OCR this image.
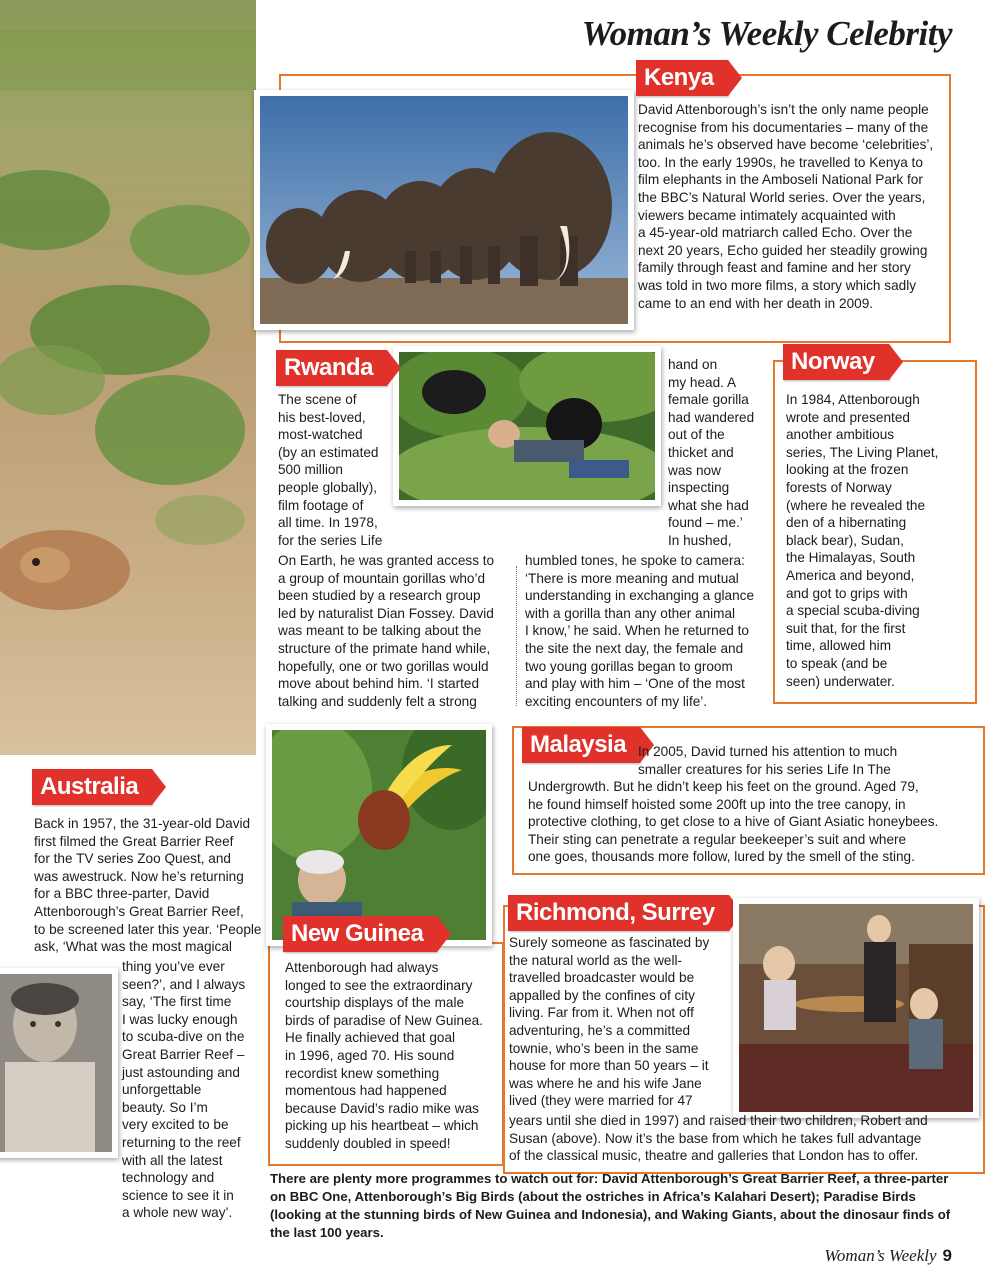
Woman’s Weekly Celebrity
Kenya
David Attenborough’s isn’t the only name people
recognise from his documentaries – many of the
animals he’s observed have become ‘celebrities’,
too. In the early 1990s, he travelled to Kenya to
film elephants in the Amboseli National Park for
the BBC’s Natural World series. Over the years,
viewers became intimately acquainted with
a 45-year-old matriarch called Echo. Over the
next 20 years, Echo guided her steadily growing
family through feast and famine and her story
was told in two more films, a story which sadly
came to an end with her death in 2009.
Rwanda
The scene of
his best-loved,
most-watched
(by an estimated
500 million
people globally),
film footage of
all time. In 1978,
for the series Life
On Earth, he was granted access to
a group of mountain gorillas who’d
been studied by a research group
led by naturalist Dian Fossey. David
was meant to be talking about the
structure of the primate hand while,
hopefully, one or two gorillas would
move about behind him. ‘I started
talking and suddenly felt a strong
hand on
my head. A
female gorilla
had wandered
out of the
thicket and
was now
inspecting
what she had
found – me.’
In hushed,
humbled tones, he spoke to camera:
‘There is more meaning and mutual
understanding in exchanging a glance
with a gorilla than any other animal
I know,’ he said. When he returned to
the site the next day, the female and
two young gorillas began to groom
and play with him – ‘One of the most
exciting encounters of my life’.
Norway
In 1984, Attenborough
wrote and presented
another ambitious
series, The Living Planet,
looking at the frozen
forests of Norway
(where he revealed the
den of a hibernating
black bear), Sudan,
the Himalayas, South
America and beyond,
and got to grips with
a special scuba-diving
suit that, for the first
time, allowed him
to speak (and be
seen) underwater.
Australia
Back in 1957, the 31-year-old David
first filmed the Great Barrier Reef
for the TV series Zoo Quest, and
was awestruck. Now he’s returning
for a BBC three-parter, David
Attenborough’s Great Barrier Reef,
to be screened later this year. ‘People
ask, ‘What was the most magical
thing you’ve ever
seen?’, and I always
say, ‘The first time
I was lucky enough
to scuba-dive on the
Great Barrier Reef –
just astounding and
unforgettable
beauty. So I’m
very excited to be
returning to the reef
with all the latest
technology and
science to see it in
a whole new way’.
Malaysia In 2005, David turned his attention to much
smaller creatures for his series Life In The
Undergrowth. But he didn’t keep his feet on the ground. Aged 79,
he found himself hoisted some 200ft up into the tree canopy, in
protective clothing, to get close to a hive of Giant Asiatic honeybees.
Their sting can penetrate a regular beekeeper’s suit and where
one goes, thousands more follow, lured by the smell of the sting.
New Guinea
Attenborough had always
longed to see the extraordinary
courtship displays of the male
birds of paradise of New Guinea.
He finally achieved that goal
in 1996, aged 70. His sound
recordist knew something
momentous had happened
because David’s radio mike was
picking up his heartbeat – which
suddenly doubled in speed!
Richmond, Surrey
Surely someone as fascinated by
the natural world as the well-
travelled broadcaster would be
appalled by the confines of city
living. Far from it. When not off
adventuring, he’s a committed
townie, who’s been in the same
house for more than 50 years – it
was where he and his wife Jane
lived (they were married for 47
years until she died in 1997) and raised their two children, Robert and
Susan (above). Now it’s the base from which he takes full advantage
of the classical music, theatre and galleries that London has to offer.
There are plenty more programmes to watch out for: David Attenborough’s Great Barrier Reef, a three-parter on BBC One, Attenborough’s Big Birds (about the ostriches in Africa’s Kalahari Desert); Paradise Birds (looking at the stunning birds of New Guinea and Indonesia), and Waking Giants, about the dinosaur finds of the last 100 years.
Woman’s Weekly 9
